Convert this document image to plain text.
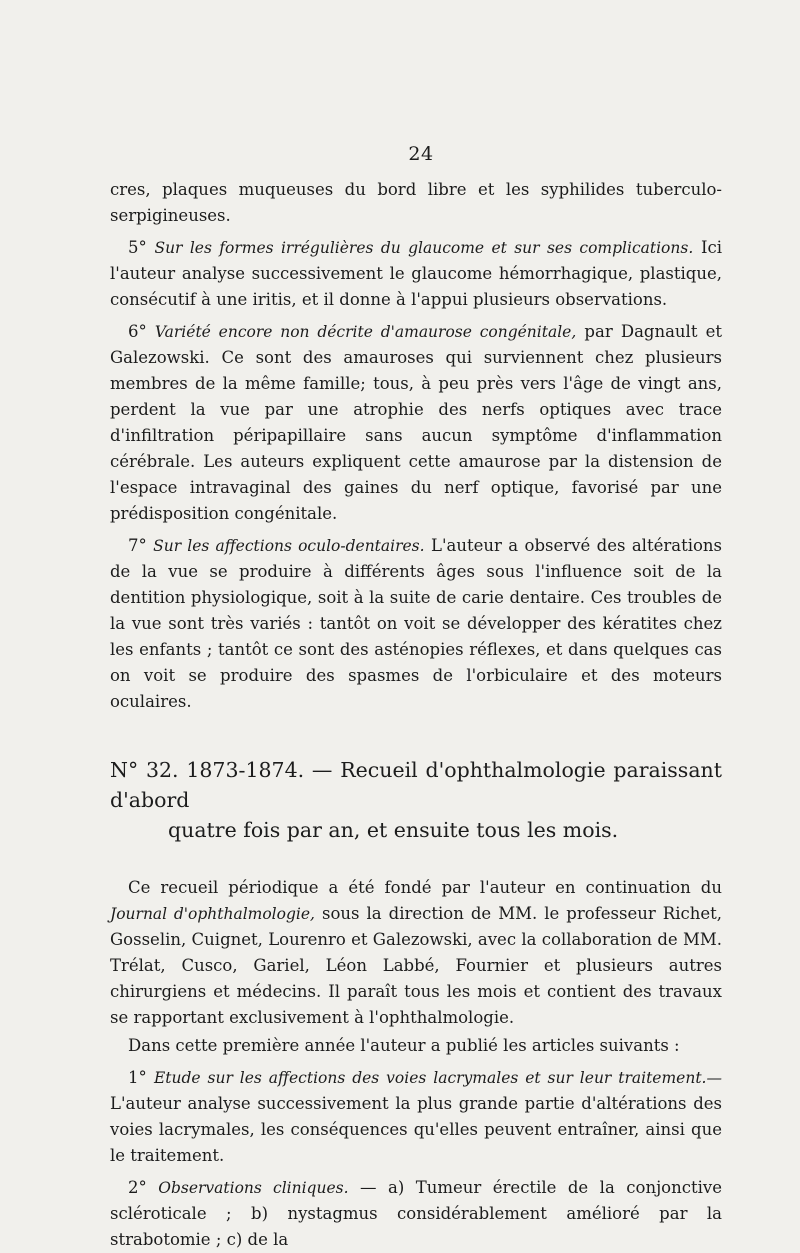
24

cres, plaques muqueuses du bord libre et les syphilides tuberculo-serpigineuses.

5° Sur les formes irrégulières du glaucome et sur ses complications. Ici l'auteur analyse successivement le glaucome hémorrhagique, plastique, consécutif à une iritis, et il donne à l'appui plusieurs observations.

6° Variété encore non décrite d'amaurose congénitale, par Dagnault et Galezowski. Ce sont des amauroses qui surviennent chez plusieurs membres de la même famille; tous, à peu près vers l'âge de vingt ans, perdent la vue par une atrophie des nerfs optiques avec trace d'infiltration péripapillaire sans aucun symptôme d'inflammation cérébrale. Les auteurs expliquent cette amaurose par la distension de l'espace intravaginal des gaines du nerf optique, favorisé par une prédisposition congénitale.

7° Sur les affections oculo-dentaires. L'auteur a observé des altérations de la vue se produire à différents âges sous l'influence soit de la dentition physiologique, soit à la suite de carie dentaire. Ces troubles de la vue sont très variés : tantôt on voit se développer des kératites chez les enfants ; tantôt ce sont des asténopies réflexes, et dans quelques cas on voit se produire des spasmes de l'orbiculaire et des moteurs oculaires.

N° 32. 1873-1874. — Recueil d'ophthalmologie paraissant d'abord
quatre fois par an, et ensuite tous les mois.

Ce recueil périodique a été fondé par l'auteur en continuation du Journal d'ophthalmologie, sous la direction de MM. le professeur Richet, Gosselin, Cuignet, Lourenro et Galezowski, avec la collaboration de MM. Trélat, Cusco, Gariel, Léon Labbé, Fournier et plusieurs autres chirurgiens et médecins. Il paraît tous les mois et contient des travaux se rapportant exclusivement à l'ophthalmologie.

Dans cette première année l'auteur a publié les articles suivants :

1° Etude sur les affections des voies lacrymales et sur leur traitement.— L'auteur analyse successivement la plus grande partie d'altérations des voies lacrymales, les conséquences qu'elles peuvent entraîner, ainsi que le traitement.

2° Observations cliniques. — a) Tumeur érectile de la conjonctive scléroticale ; b) nystagmus considérablement amélioré par la strabotomie ; c) de la
